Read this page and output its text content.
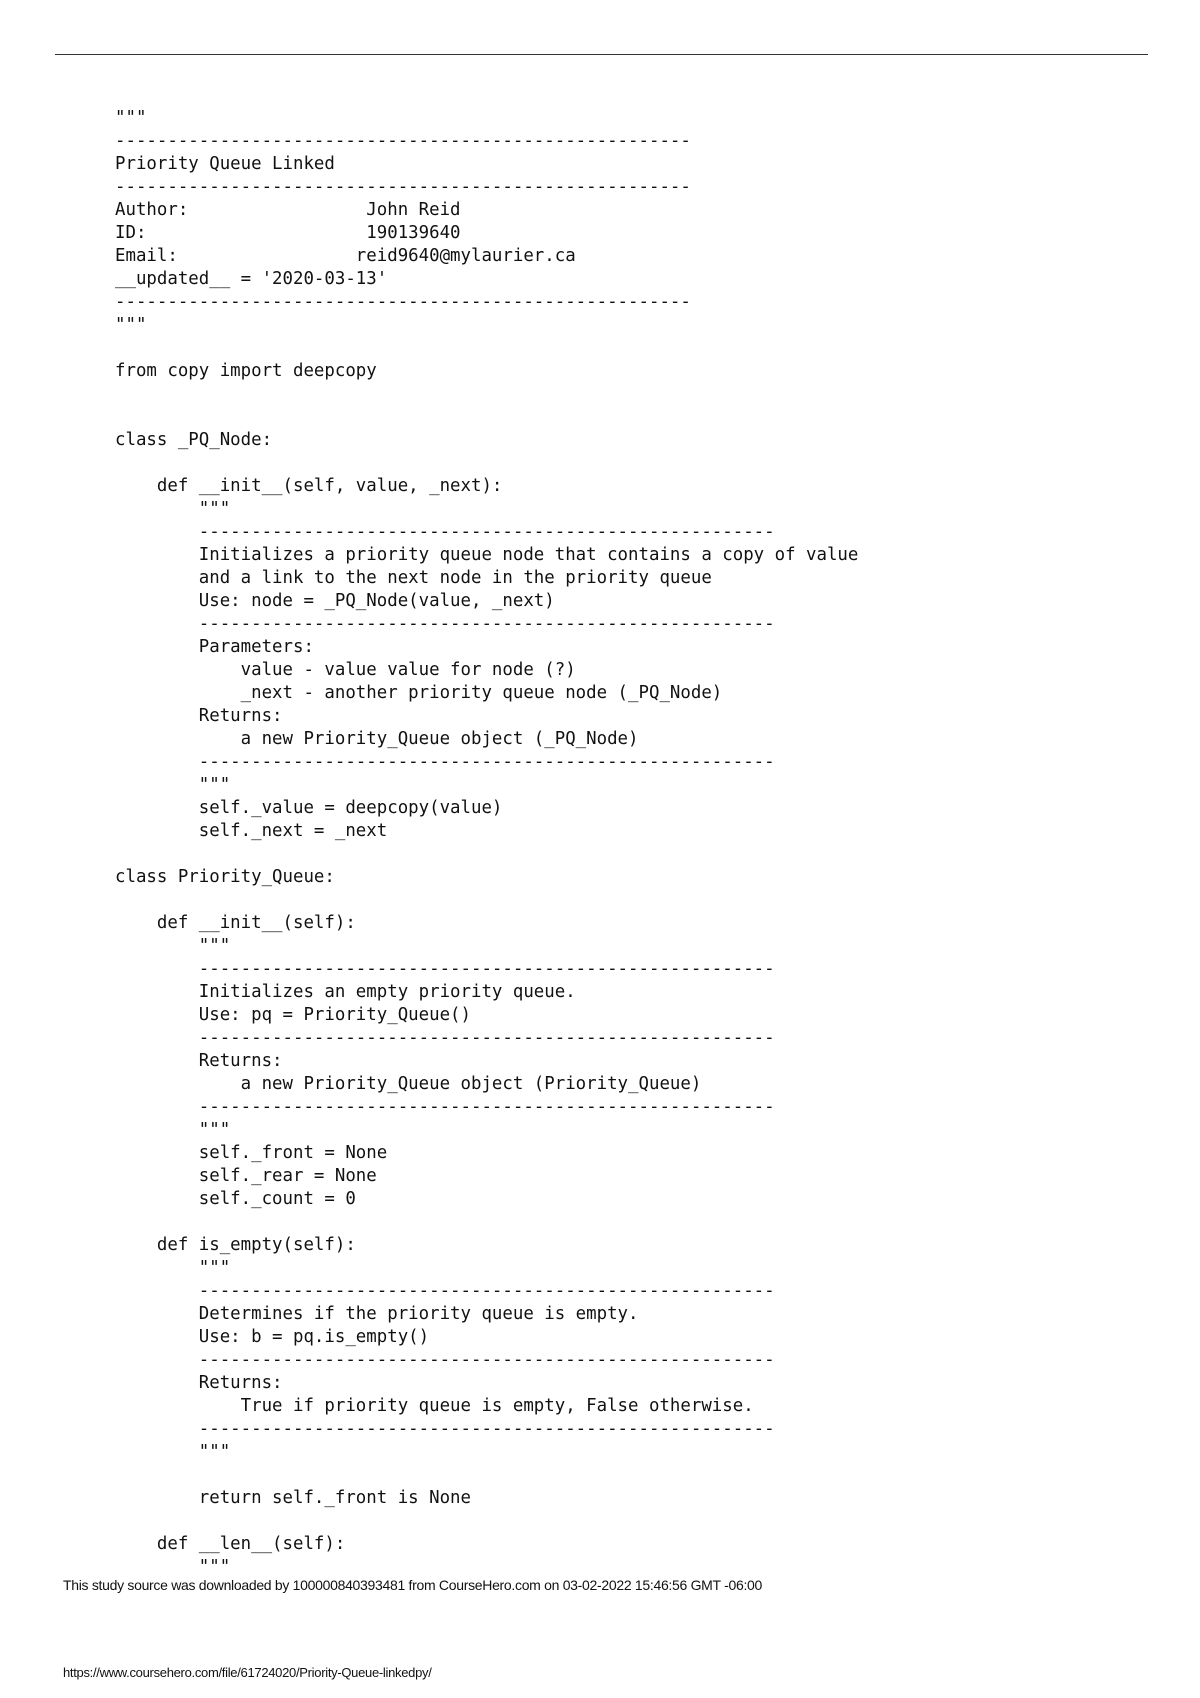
"""
-------------------------------------------------------
Priority Queue Linked
-------------------------------------------------------
Author:                 John Reid
ID:                     190139640
Email:                 reid9640@mylaurier.ca
__updated__ = '2020-03-13'
-------------------------------------------------------
"""
from copy import deepcopy
class _PQ_Node:
def __init__(self, value, _next):
"""
-------------------------------------------------------
Initializes a priority queue node that contains a copy of value
and a link to the next node in the priority queue
Use: node = _PQ_Node(value, _next)
-------------------------------------------------------
Parameters:
value - value value for node (?)
_next - another priority queue node (_PQ_Node)
Returns:
a new Priority_Queue object (_PQ_Node)
-------------------------------------------------------
"""
self._value = deepcopy(value)
self._next = _next
class Priority_Queue:
def __init__(self):
"""
-------------------------------------------------------
Initializes an empty priority queue.
Use: pq = Priority_Queue()
-------------------------------------------------------
Returns:
a new Priority_Queue object (Priority_Queue)
-------------------------------------------------------
"""
self._front = None
self._rear = None
self._count = 0
def is_empty(self):
"""
-------------------------------------------------------
Determines if the priority queue is empty.
Use: b = pq.is_empty()
-------------------------------------------------------
Returns:
True if priority queue is empty, False otherwise.
-------------------------------------------------------
"""
return self._front is None
def __len__(self):
"""
This study source was downloaded by 100000840393481 from CourseHero.com on 03-02-2022 15:46:56 GMT -06:00
https://www.coursehero.com/file/61724020/Priority-Queue-linkedpy/
